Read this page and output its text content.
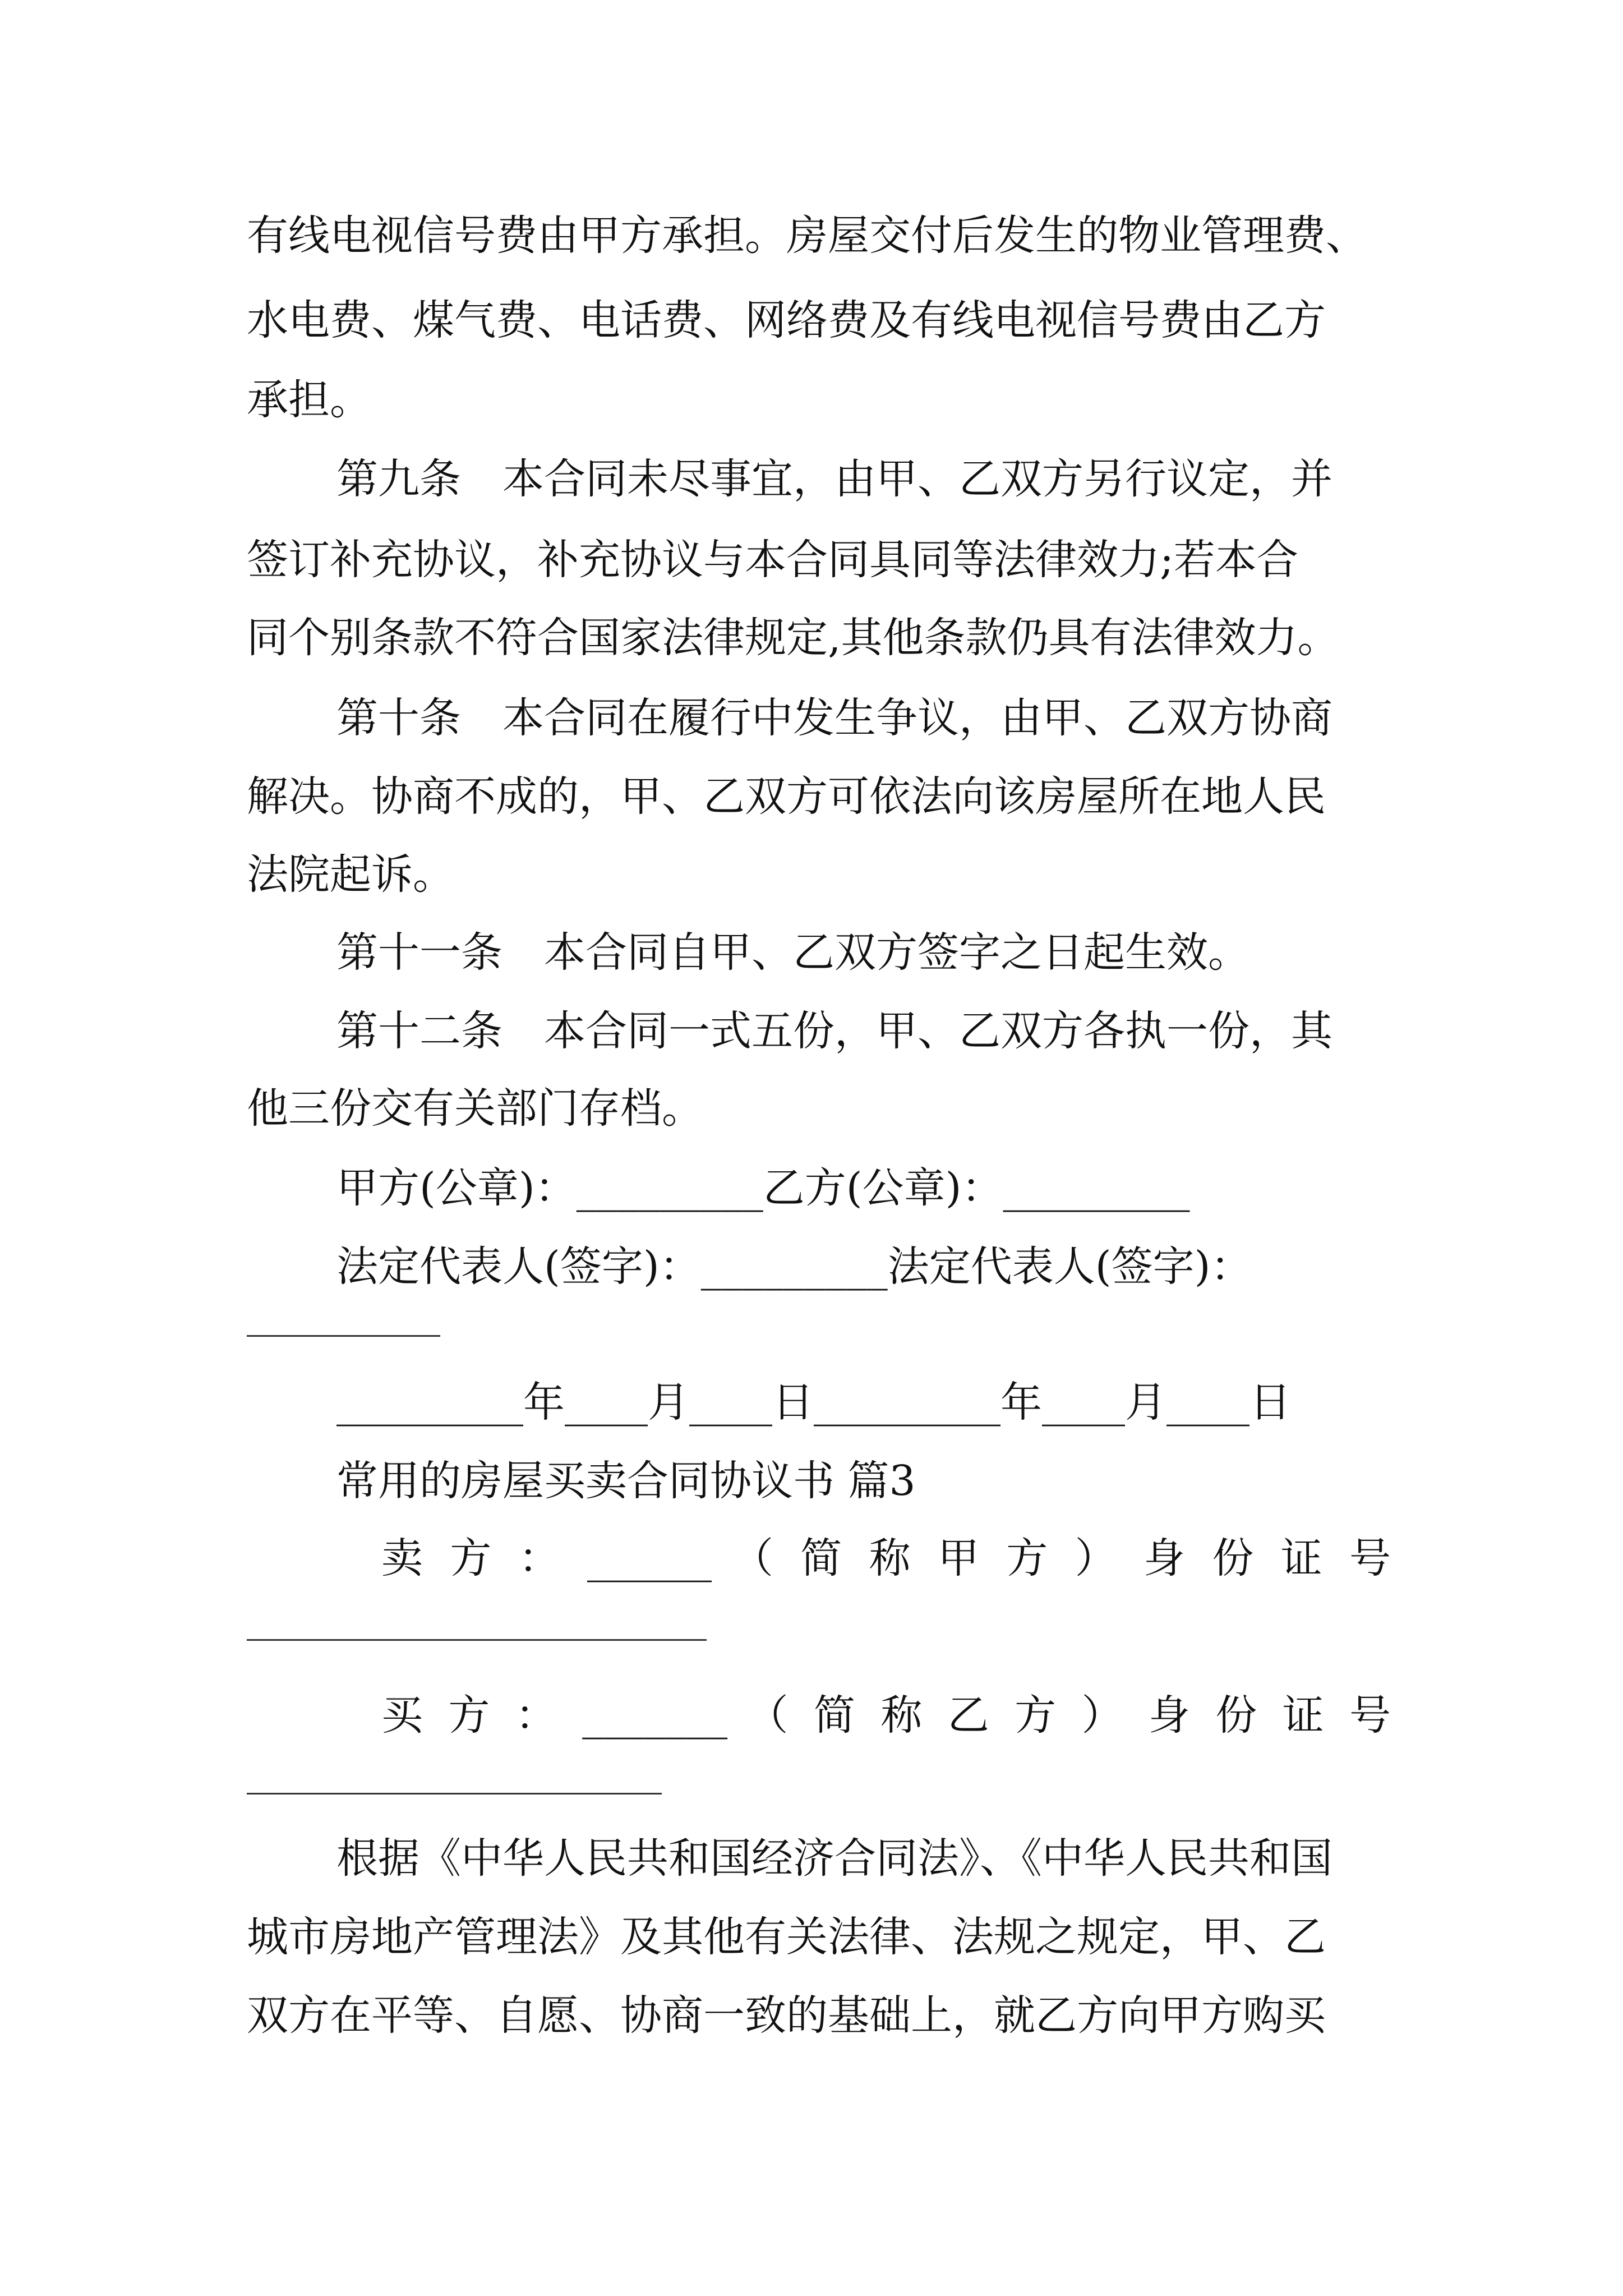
有线电视信号费由甲方承担。房屋交付后发生的物业管理费、
水电费、煤气费、电话费、网络费及有线电视信号费由乙方
承担。
第九条　本合同未尽事宜，由甲、乙双方另行议定，并
签订补充协议，补充协议与本合同具同等法律效力;若本合
同个别条款不符合国家法律规定,其他条款仍具有法律效力。
第十条　本合同在履行中发生争议，由甲、乙双方协商
解决。协商不成的，甲、乙双方可依法向该房屋所在地人民
法院起诉。
第十一条　本合同自甲、乙双方签字之日起生效。
第十二条　本合同一式五份，甲、乙双方各执一份，其
他三份交有关部门存档。
甲方(公章)：_________乙方(公章)：_________
法定代表人(签字)：_________法定代表人(签字)：
_________年____月____日_________年____月____日
常用的房屋买卖合同协议书 篇3
卖 方 ： ______ （ 简 称 甲 方 ） 身 份 证 号
买 方 ： _______ （ 简 称 乙 方 ） 身 份 证 号
根据《中华人民共和国经济合同法》、《中华人民共和国
城市房地产管理法》及其他有关法律、法规之规定，甲、乙
双方在平等、自愿、协商一致的基础上，就乙方向甲方购买
